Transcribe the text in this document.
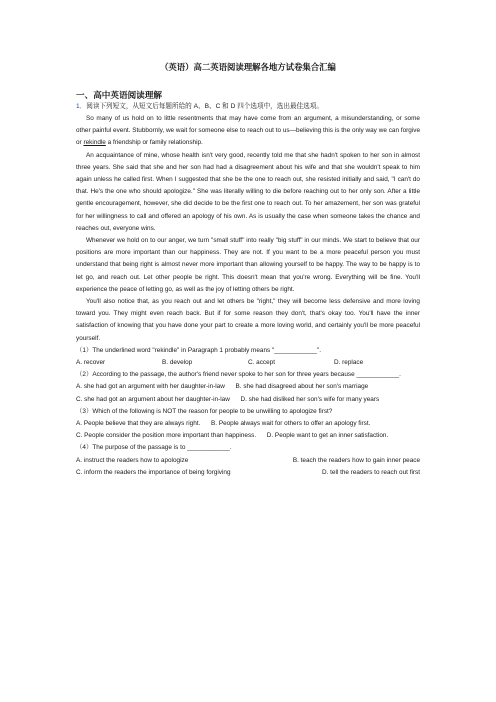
（英语）高二英语阅读理解各地方试卷集合汇编
一、高中英语阅读理解
1．阅读下列短文，从短文后每题所给的 A、B、C 和 D 四个选项中，选出最佳选项。

So many of us hold on to little resentments that may have come from an argument, a misunderstanding, or some other painful event. Stubbornly, we wait for someone else to reach out to us—believing this is the only way we can forgive or rekindle a friendship or family relationship.

An acquaintance of mine, whose health isn't very good, recently told me that she hadn't spoken to her son in almost three years. She said that she and her son had had a disagreement about his wife and that she wouldn't speak to him again unless he called first. When I suggested that she be the one to reach out, she resisted initially and said, "I can't do that. He's the one who should apologize." She was literally willing to die before reaching out to her only son. After a little gentle encouragement, however, she did decide to be the first one to reach out. To her amazement, her son was grateful for her willingness to call and offered an apology of his own. As is usually the case when someone takes the chance and reaches out, everyone wins.

Whenever we hold on to our anger, we turn "small stuff" into really "big stuff" in our minds. We start to believe that our positions are more important than our happiness. They are not. If you want to be a more peaceful person you must understand that being right is almost never more important than allowing yourself to be happy. The way to be happy is to let go, and reach out. Let other people be right. This doesn't mean that you're wrong. Everything will be fine. You'll experience the peace of letting go, as well as the joy of letting others be right.

You'll also notice that, as you reach out and let others be "right," they will become less defensive and more loving toward you. They might even reach back. But if for some reason they don't, that's okay too. You'll have the inner satisfaction of knowing that you have done your part to create a more loving world, and certainly you'll be more peaceful yourself.

（1）The underlined word "rekindle" in Paragraph 1 probably means "____________".

A. recover	B. develop	C. accept	D. replace

（2）According to the passage, the author's friend never spoke to her son for three years because ____________.

A. she had got an argument with her daughter-in-law B. she had disagreed about her son's marriage

C. she had got an argument about her daughter-in-law D. she had disliked her son's wife for many years

（3）Which of the following is NOT the reason for people to be unwilling to apologize first?

A. People believe that they are always right. B. People always wait for others to offer an apology first.

C. People consider the position more important than happiness. D. People want to get an inner satisfaction.

（4）The purpose of the passage is to ____________.

A. instruct the readers how to apologize	B. teach the readers how to gain inner peace
C. inform the readers the importance of being forgiving	D. tell the readers to reach out first
